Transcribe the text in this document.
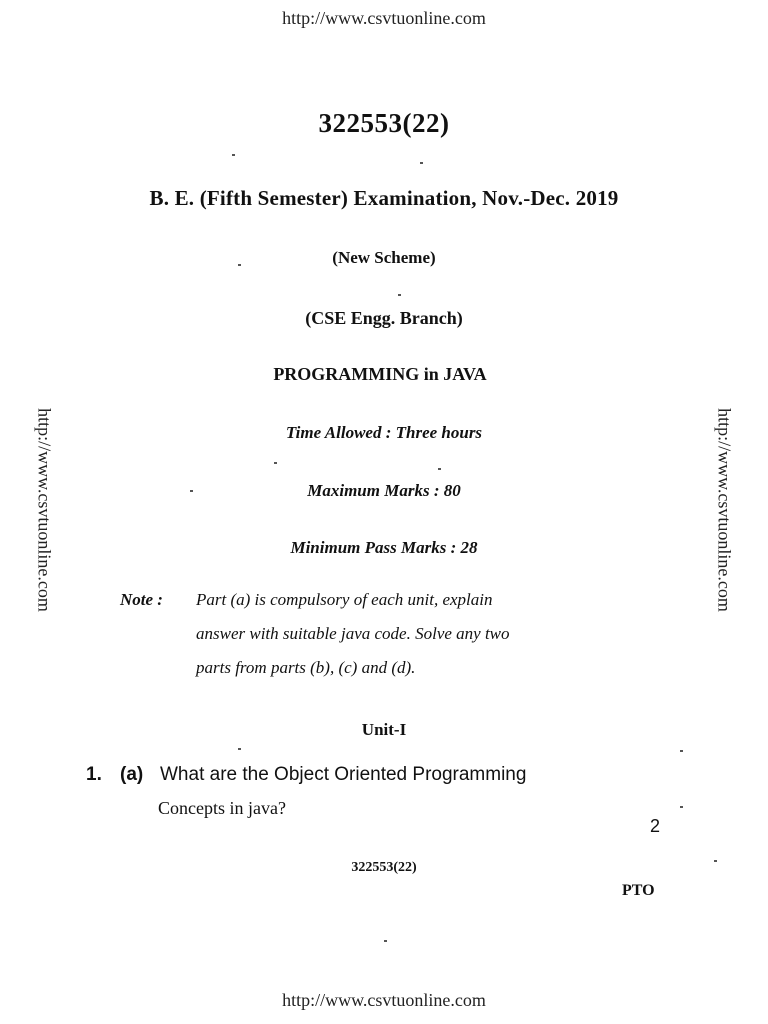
http://www.csvtuonline.com
http://www.csvtuonline.com	http://www.csvtuonline.com
322553(22)
B. E. (Fifth Semester) Examination, Nov.-Dec. 2019
(New Scheme)
(CSE Engg. Branch)
PROGRAMMING in JAVA
Time Allowed : Three hours
Maximum Marks : 80
Minimum Pass Marks : 28
Note : Part (a) is compulsory of each unit, explain
answer with suitable java code. Solve any two
parts from parts (b), (c) and (d).
Unit-I
1. (a) What are the Object Oriented Programming
Concepts in java?
2
322553(22)
PTO
http://www.csvtuonline.com
